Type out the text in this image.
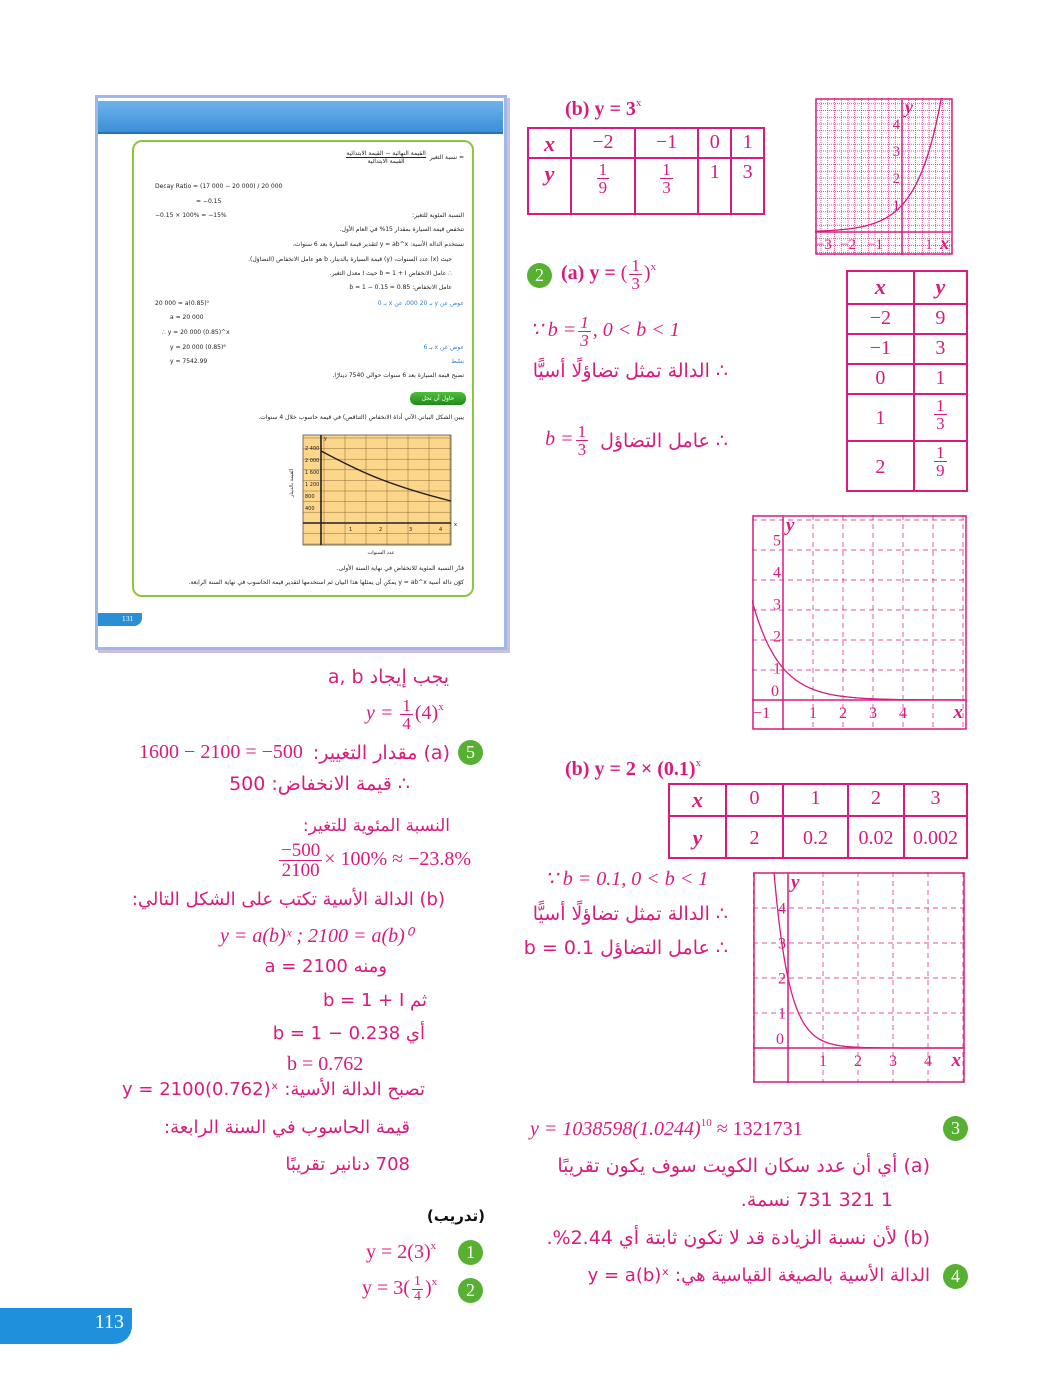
نسبة التغير =
القيمة النهائية − القيمة الابتدائية
القيمة الابتدائية
Decay Ratio = (17 000 − 20 000) / 20 000
= −0.15
−0.15 × 100% = −15%	النسبة المئوية للتغير:
تنخفض قيمة السيارة بمقدار 15% في العام الأول.
نستخدم الدالة الأسية: y = ab^x لتقدير قيمة السيارة بعد 6 سنوات،
حيث (x) عدد السنوات، (y) قيمة السيارة بالدينار، b هو عامل الانخفاض (التضاؤل).
∴ عامل الانخفاض b = 1 + I حيث I معدل التغير.
عامل الانخفاض: b = 1 − 0.15 = 0.85
عوض عن y بـ 20 000، عن x بـ 0
20 000 = a(0.85)⁰
a = 20 000
∴ y = 20 000 (0.85)^x
عوض عن x بـ 6
y = 20 000 (0.85)⁶
بسّط
y ≈ 7542.99
تصبح قيمة السيارة بعد 6 سنوات حوالي 7540 دينارًا.
حاول أن تحل
يبين الشكل البياني الآتي أداة الانخفاض (التناقص) في قيمة حاسوب خلال 4 سنوات.
2 400
2 000
1 600
1 200
800
400
1	2	3	4
y
x
عدد السنوات
القيمة بالدينار
قدّر النسبة المئوية للانخفاض في نهاية السنة الأولى.
كوّن دالة أسية y = ab^x يمكن أن يمثلها هذا البيان ثم استخدمها لتقدير قيمة الحاسوب في نهاية السنة الرابعة.
131
يجب إيجاد a, b
$y = \frac{1}{4} (4)^x$
5
(a) مقدار التغيير:
1600 − 2100 = −500
∴ قيمة الانخفاض: 500
النسبة المئوية للتغير:
$\frac{-500}{2100} \times 100\% \approx -23.8\%$
(b) الدالة الأسية تكتب على الشكل التالي:
y = a(b)ˣ ; 2100 = a(b)⁰
ومنه a = 2100
ثم b = 1 + I
أي b = 1 − 0.238
b = 0.762
تصبح الدالة الأسية: y = 2100(0.762)ˣ
قيمة الحاسوب في السنة الرابعة:
708 دنانير تقريبًا
(تدريب)
1
$y = 2(3)^x$
2
$y = 3( \frac{1}{4} )^x$
(b) $y = 3^x$
x	−2	−1	0	1
y	$\frac{1}{9}$	$\frac{1}{3}$	1	3
−3 −2 −1	1
1
2
3
4
x
y
2 (a) y = ( $\frac{1}{3} )^x$
∵ $b = \frac{1}{3}$ , 0 < b < 1
∴ الدالة تمثل تضاؤلًا أسيًّا
∴ عامل التضاؤل
$b = \frac{1}{3}$
x	y
−2	9
−1	3
0	1
1	$\frac{1}{3}$

2	$\frac{1}{9}$
−1 1 2 3 4
1
2
3
4
5
0
x
y
(b) $y = 2 \times (0.1)^x$
x	0	1	2	3
y	2	0.2	0.02	0.002
∵ b = 0.1, 0 < b < 1
∴ الدالة تمثل تضاؤلًا أسيًّا
∴ عامل التضاؤل b = 0.1
1 2 3 4
1
2
3
4
0
x
y
3
$y = 1038598(1.0244)^{10} \approx 1321731$
(a) أي أن عدد سكان الكويت سوف يكون تقريبًا
1 321 731 نسمة.
(b) لأن نسبة الزيادة قد لا تكون ثابتة أي 2.44%.
4
الدالة الأسية بالصيغة القياسية هي: y = a(b)ˣ
113
